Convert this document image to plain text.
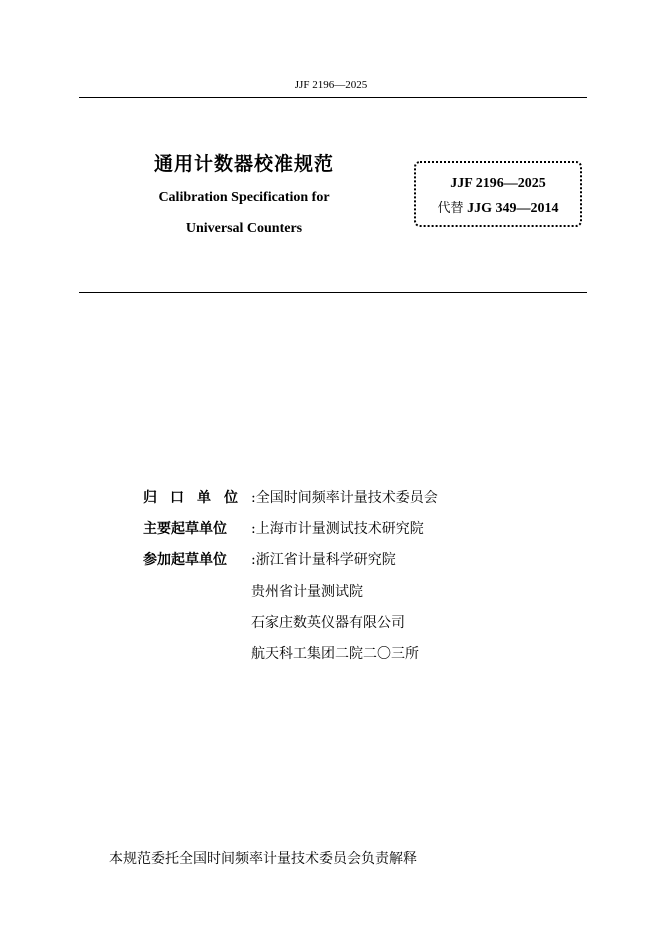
JJF 2196—2025
通用计数器校准规范
Calibration Specification for
Universal Counters
JJF 2196—2025
代替 JJG 349—2014
归口单位 :全国时间频率计量技术委员会
主要起草单位 :上海市计量测试技术研究院
参加起草单位 :浙江省计量科学研究院
贵州省计量测试院
石家庄数英仪器有限公司
航天科工集团二院二〇三所
本规范委托全国时间频率计量技术委员会负责解释
